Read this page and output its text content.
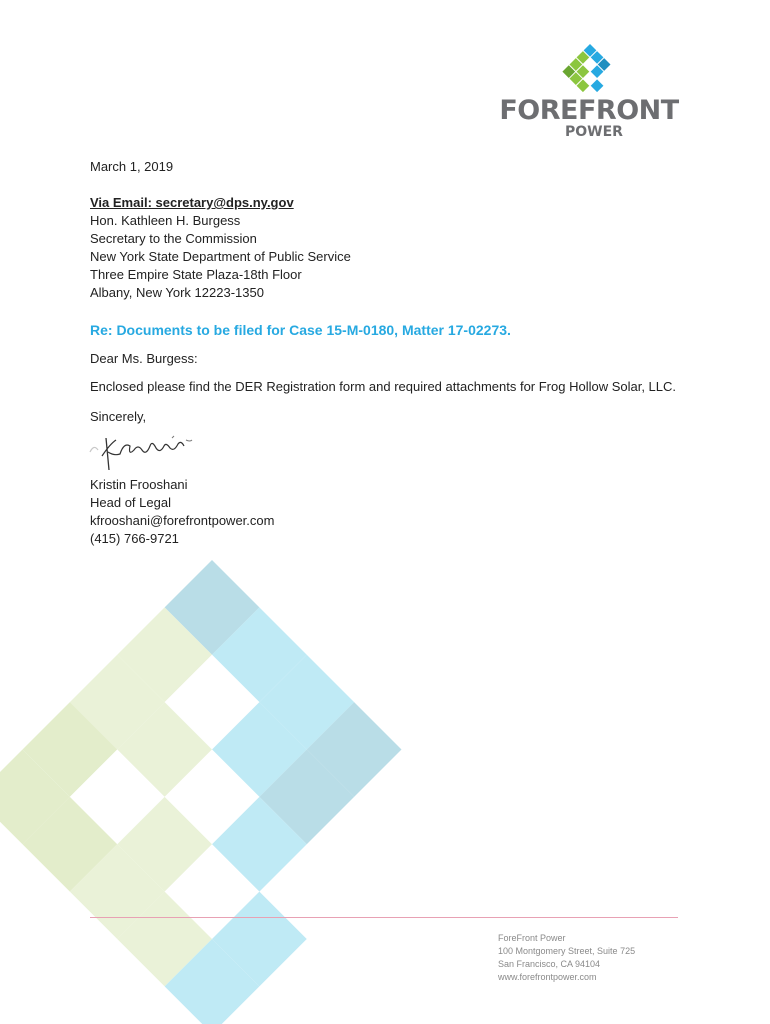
FOREFRONT
POWER
March 1, 2019
Via Email: secretary@dps.ny.gov
Hon. Kathleen H. Burgess
Secretary to the Commission
New York State Department of Public Service
Three Empire State Plaza-18th Floor
Albany, New York 12223-1350
Re: Documents to be filed for Case 15-M-0180, Matter 17-02273.
Dear Ms. Burgess:
Enclosed please find the DER Registration form and required attachments for Frog Hollow Solar, LLC.
Sincerely,
Kristin Frooshani
Head of Legal
kfrooshani@forefrontpower.com
(415) 766-9721
ForeFront Power
100 Montgomery Street, Suite 725
San Francisco, CA 94104
www.forefrontpower.com
